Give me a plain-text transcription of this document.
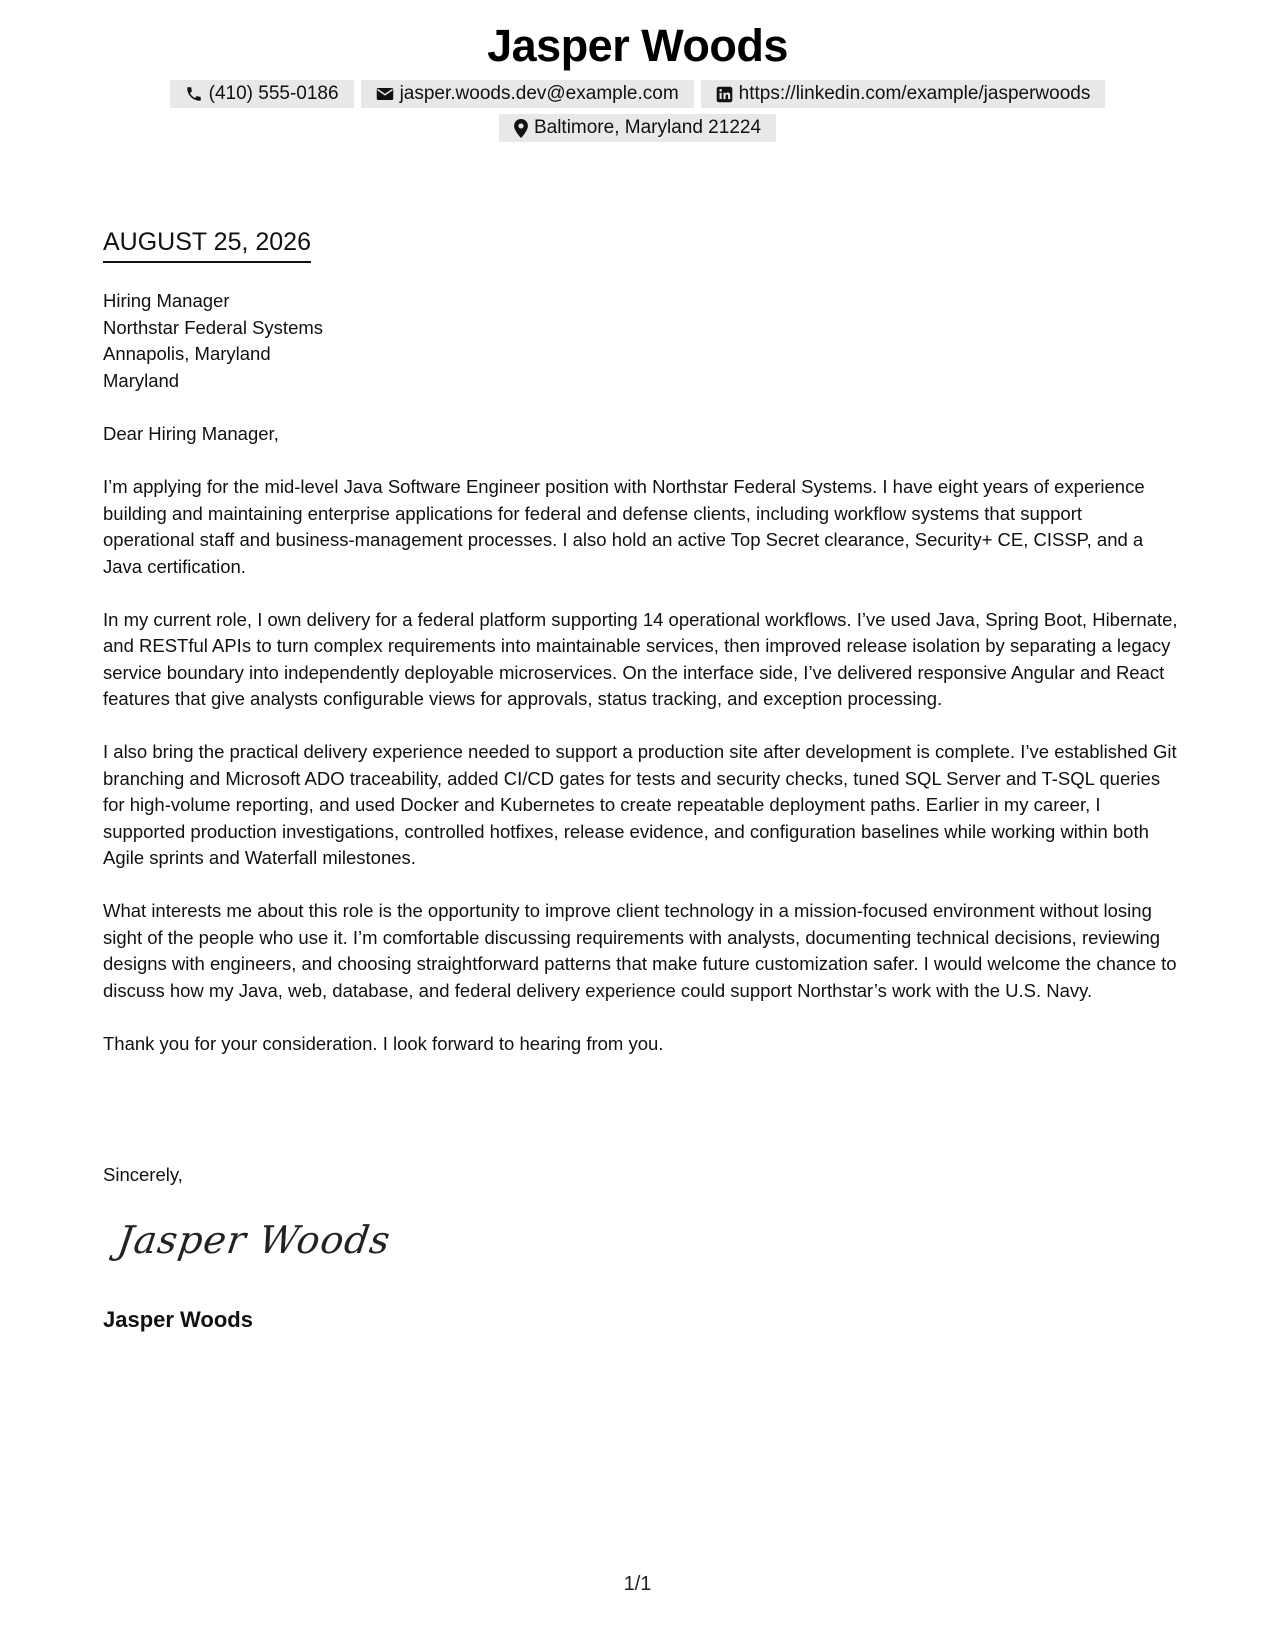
Jasper Woods
(410) 555-0186	jasper.woods.dev@example.com	https://linkedin.com/example/jasperwoods
Baltimore, Maryland 21224
AUGUST 25, 2026
Hiring Manager
Northstar Federal Systems
Annapolis, Maryland
Maryland
Dear Hiring Manager,

I’m applying for the mid-level Java Software Engineer position with Northstar Federal Systems. I have eight years of experience building and maintaining enterprise applications for federal and defense clients, including workflow systems that support operational staff and business-management processes. I also hold an active Top Secret clearance, Security+ CE, CISSP, and a Java certification.

In my current role, I own delivery for a federal platform supporting 14 operational workflows. I’ve used Java, Spring Boot, Hibernate, and RESTful APIs to turn complex requirements into maintainable services, then improved release isolation by separating a legacy service boundary into independently deployable microservices. On the interface side, I’ve delivered responsive Angular and React features that give analysts configurable views for approvals, status tracking, and exception processing.

I also bring the practical delivery experience needed to support a production site after development is complete. I’ve established Git branching and Microsoft ADO traceability, added CI/CD gates for tests and security checks, tuned SQL Server and T-SQL queries for high-volume reporting, and used Docker and Kubernetes to create repeatable deployment paths. Earlier in my career, I supported production investigations, controlled hotfixes, release evidence, and configuration baselines while working within both Agile sprints and Waterfall milestones.

What interests me about this role is the opportunity to improve client technology in a mission-focused environment without losing sight of the people who use it. I’m comfortable discussing requirements with analysts, documenting technical decisions, reviewing designs with engineers, and choosing straightforward patterns that make future customization safer. I would welcome the chance to discuss how my Java, web, database, and federal delivery experience could support Northstar’s work with the U.S. Navy.

Thank you for your consideration. I look forward to hearing from you.

Sincerely,
Jasper Woods
Jasper Woods
1/1
